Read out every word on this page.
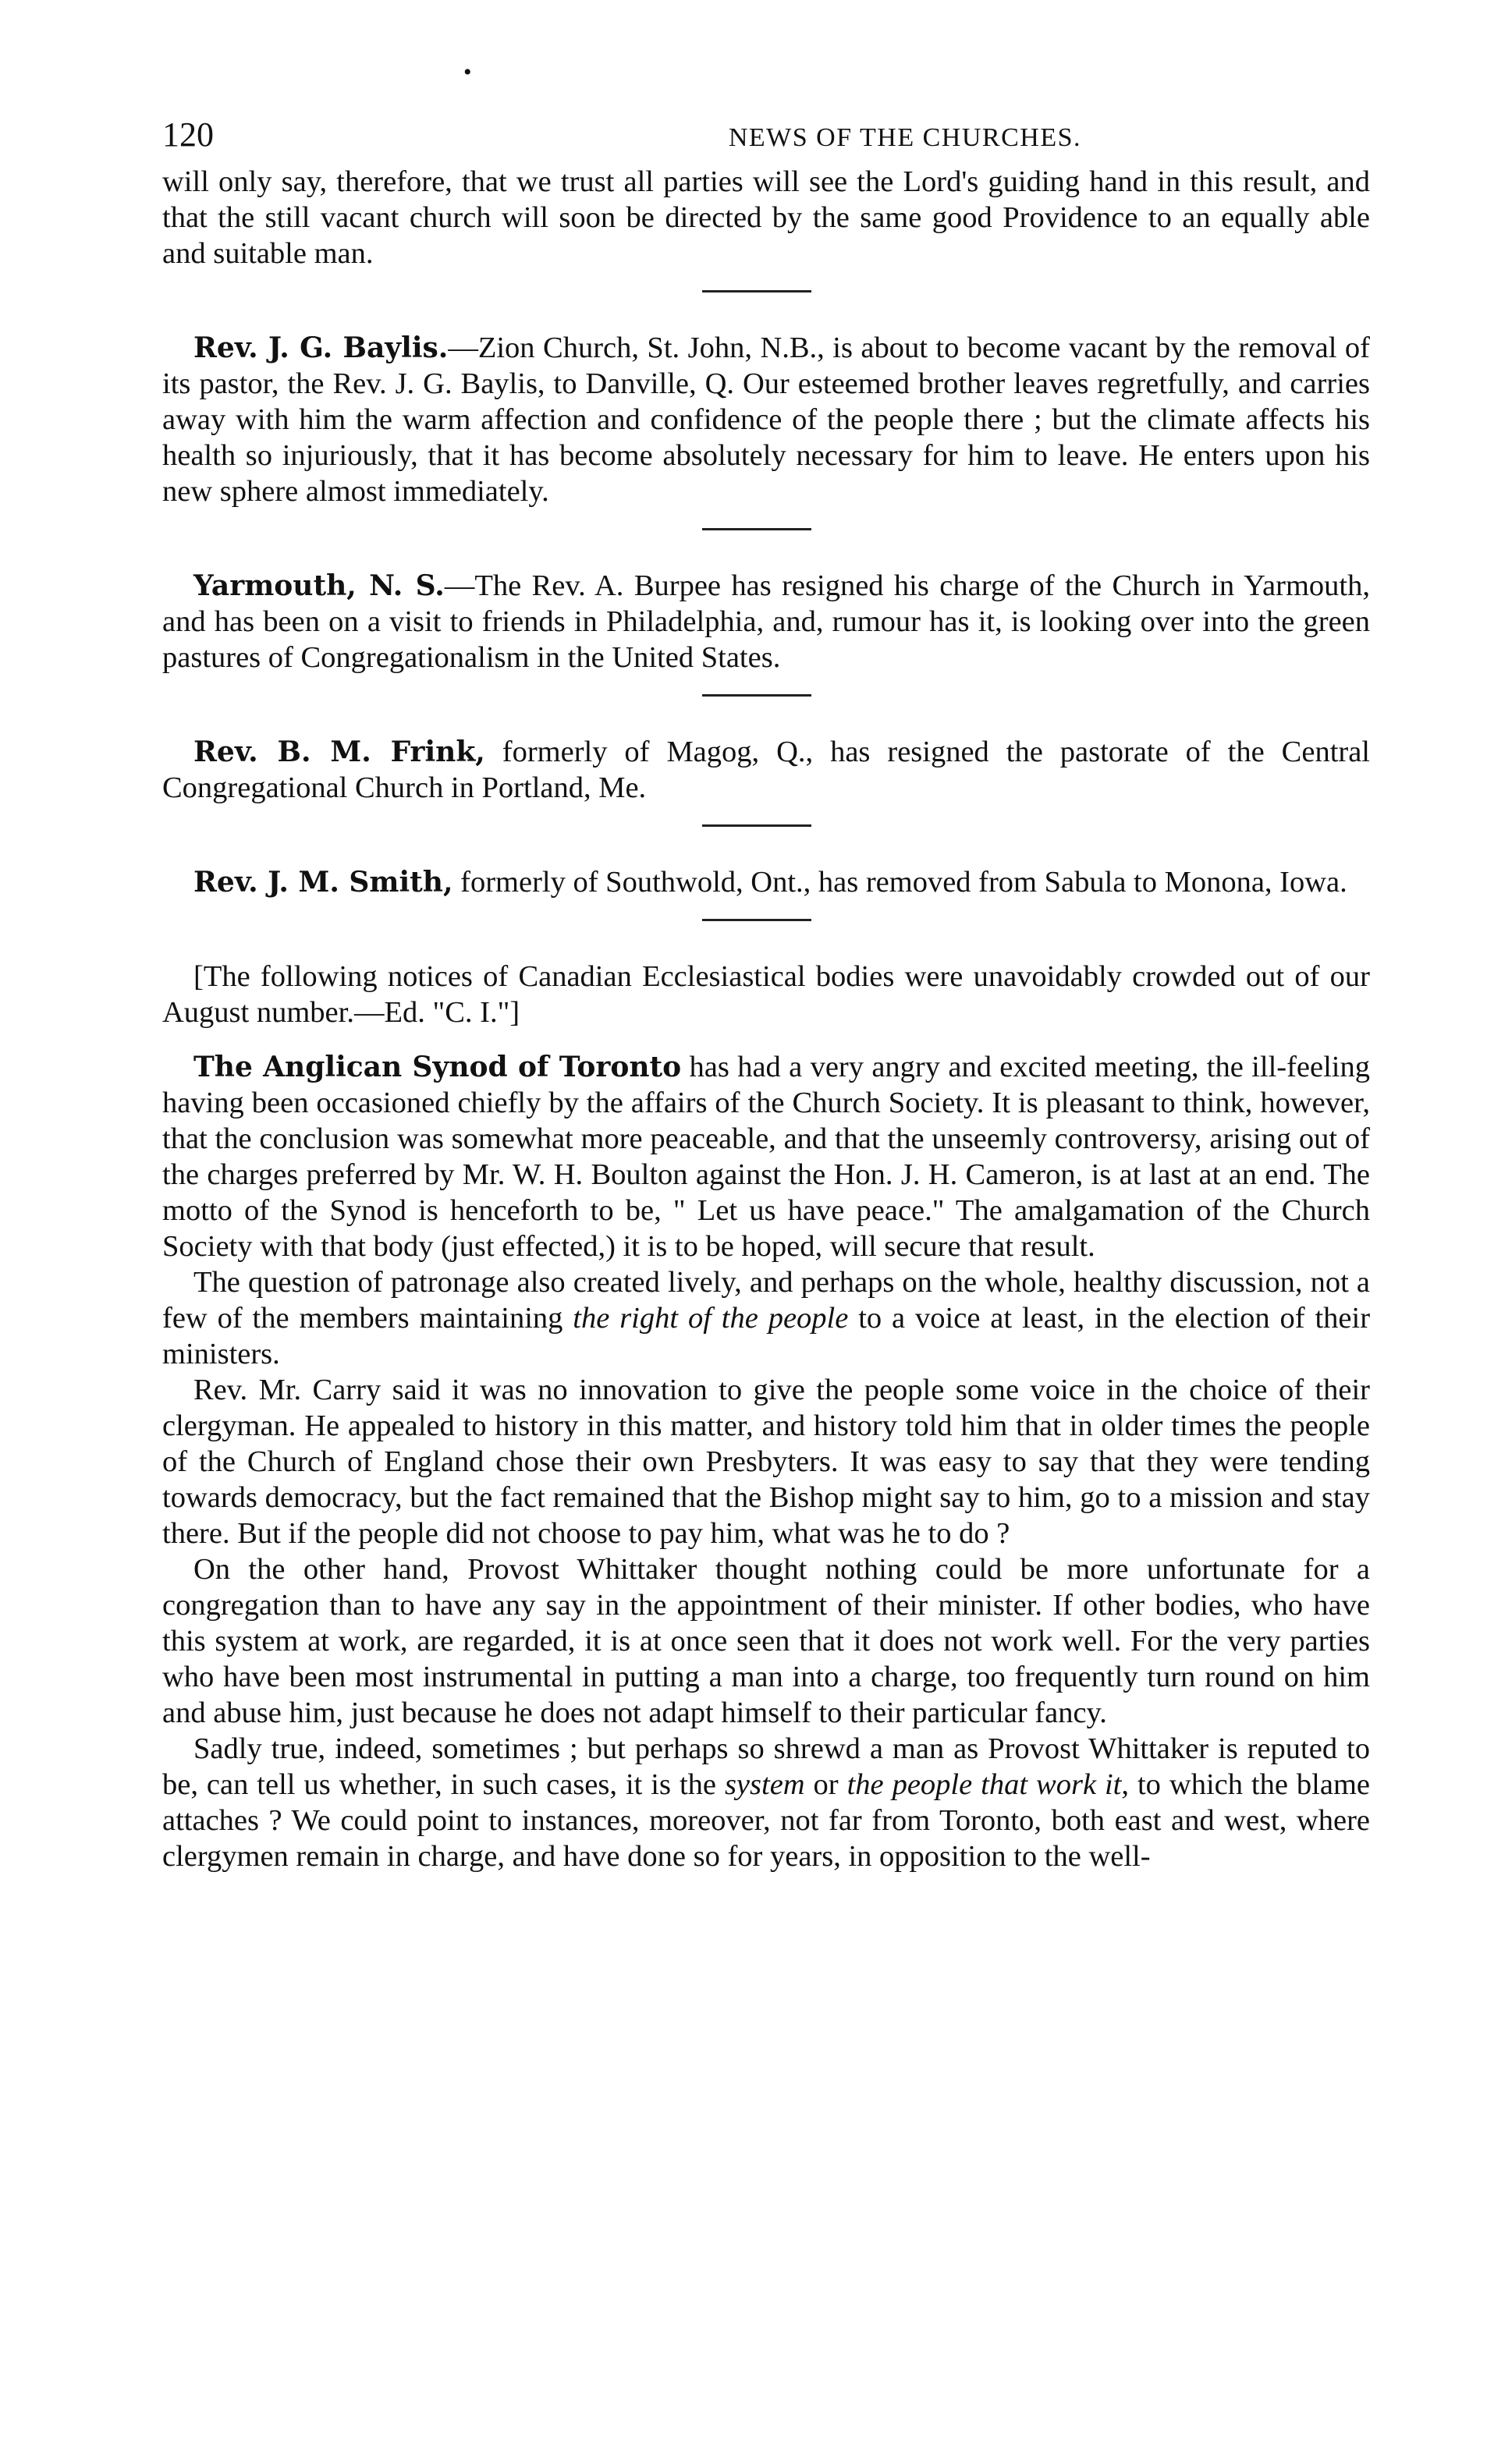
•
120	NEWS OF THE CHURCHES.

will only say, therefore, that we trust all parties will see the Lord's guiding hand in this result, and that the still vacant church will soon be directed by the same good Providence to an equally able and suitable man.

Rev. J. G. Baylis.—Zion Church, St. John, N.B., is about to become vacant by the removal of its pastor, the Rev. J. G. Baylis, to Danville, Q. Our esteemed brother leaves regretfully, and carries away with him the warm affection and confidence of the people there ; but the climate affects his health so injuriously, that it has become absolutely necessary for him to leave. He enters upon his new sphere almost immediately.

Yarmouth, N. S.—The Rev. A. Burpee has resigned his charge of the Church in Yarmouth, and has been on a visit to friends in Philadelphia, and, rumour has it, is looking over into the green pastures of Congregationalism in the United States.

Rev. B. M. Frink, formerly of Magog, Q., has resigned the pastorate of the Central Congregational Church in Portland, Me.

Rev. J. M. Smith, formerly of Southwold, Ont., has removed from Sabula to Monona, Iowa.

[The following notices of Canadian Ecclesiastical bodies were unavoidably crowded out of our August number.—Ed. "C. I."]

The Anglican Synod of Toronto has had a very angry and excited meeting, the ill-feeling having been occasioned chiefly by the affairs of the Church Society. It is pleasant to think, however, that the conclusion was somewhat more peaceable, and that the unseemly controversy, arising out of the charges preferred by Mr. W. H. Boulton against the Hon. J. H. Cameron, is at last at an end. The motto of the Synod is henceforth to be, " Let us have peace." The amalgamation of the Church Society with that body (just effected,) it is to be hoped, will secure that result.

The question of patronage also created lively, and perhaps on the whole, healthy discussion, not a few of the members maintaining the right of the people to a voice at least, in the election of their ministers.

Rev. Mr. Carry said it was no innovation to give the people some voice in the choice of their clergyman. He appealed to history in this matter, and history told him that in older times the people of the Church of England chose their own Presbyters. It was easy to say that they were tending towards democracy, but the fact remained that the Bishop might say to him, go to a mission and stay there. But if the people did not choose to pay him, what was he to do ?

On the other hand, Provost Whittaker thought nothing could be more unfortunate for a congregation than to have any say in the appointment of their minister. If other bodies, who have this system at work, are regarded, it is at once seen that it does not work well. For the very parties who have been most instrumental in putting a man into a charge, too frequently turn round on him and abuse him, just because he does not adapt himself to their particular fancy.

Sadly true, indeed, sometimes ; but perhaps so shrewd a man as Provost Whittaker is reputed to be, can tell us whether, in such cases, it is the system or the people that work it, to which the blame attaches ? We could point to instances, moreover, not far from Toronto, both east and west, where clergymen remain in charge, and have done so for years, in opposition to the well-
